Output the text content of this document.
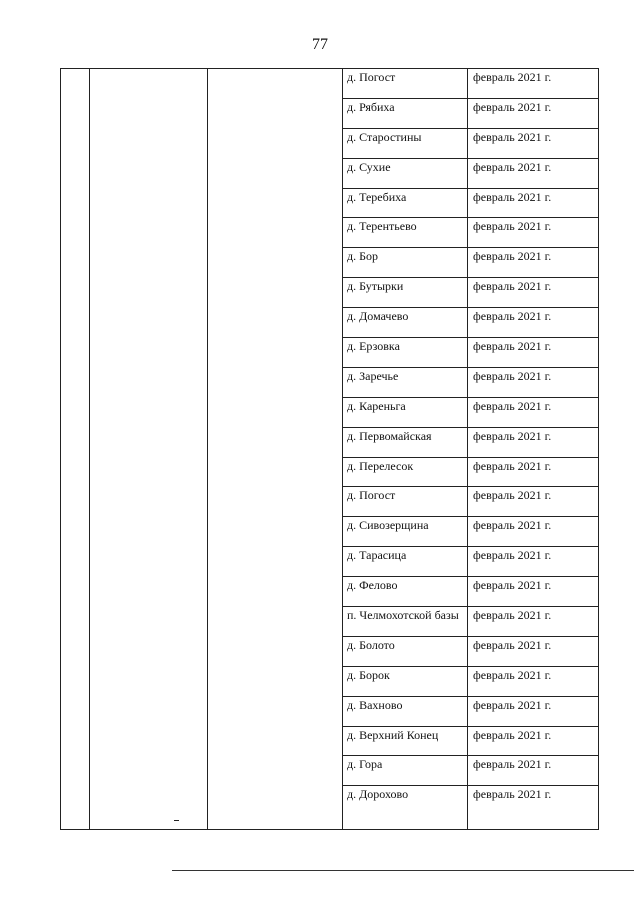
77
д. Погост	февраль 2021 г.
д. Рябиха	февраль 2021 г.
д. Старостины	февраль 2021 г.
д. Сухие	февраль 2021 г.
д. Теребиха	февраль 2021 г.
д. Терентьево	февраль 2021 г.
д. Бор	февраль 2021 г.
д. Бутырки	февраль 2021 г.
д. Домачево	февраль 2021 г.
д. Ерзовка	февраль 2021 г.
д. Заречье	февраль 2021 г.
д. Кареньга	февраль 2021 г.
д. Первомайская	февраль 2021 г.
д. Перелесок	февраль 2021 г.
д. Погост	февраль 2021 г.
д. Сивозерщина	февраль 2021 г.
д. Тарасица	февраль 2021 г.
д. Фелово	февраль 2021 г.
п. Челмохотской базы	февраль 2021 г.
д. Болото	февраль 2021 г.
д. Борок	февраль 2021 г.
д. Вахново	февраль 2021 г.
д. Верхний Конец	февраль 2021 г.
д. Гора	февраль 2021 г.
д. Дорохово	февраль 2021 г.
